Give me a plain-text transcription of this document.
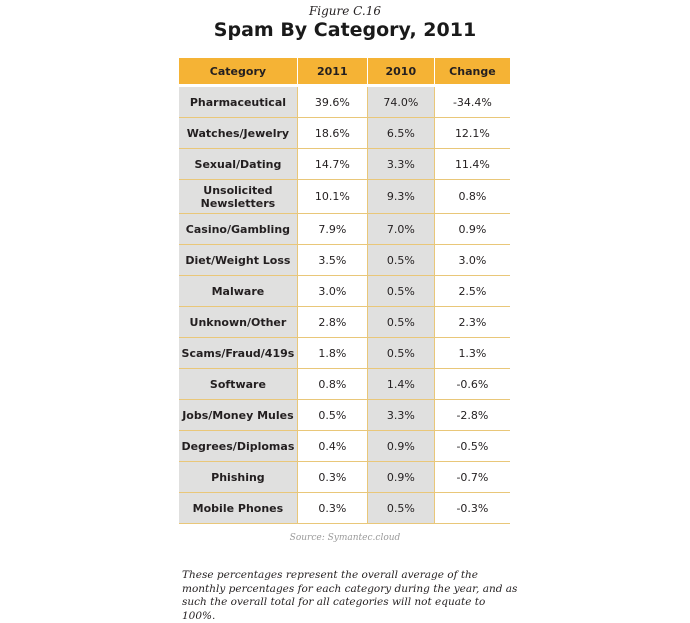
Figure C.16
Spam By Category, 2011
Category	2011	2010	Change
Pharmaceutical	39.6%	74.0%	-34.4%
Watches/Jewelry	18.6%	6.5%	12.1%
Sexual/Dating	14.7%	3.3%	11.4%
Unsolicited Newsletters	10.1%	9.3%	0.8%
Casino/Gambling	7.9%	7.0%	0.9%
Diet/Weight Loss	3.5%	0.5%	3.0%
Malware	3.0%	0.5%	2.5%
Unknown/Other	2.8%	0.5%	2.3%
Scams/Fraud/419s	1.8%	0.5%	1.3%
Software	0.8%	1.4%	-0.6%
Jobs/Money Mules	0.5%	3.3%	-2.8%
Degrees/Diplomas	0.4%	0.9%	-0.5%
Phishing	0.3%	0.9%	-0.7%
Mobile Phones	0.3%	0.5%	-0.3%
Source: Symantec.cloud
These percentages represent the overall average of the monthly percentages for each category during the year, and as such the overall total for all categories will not equate to 100%.
